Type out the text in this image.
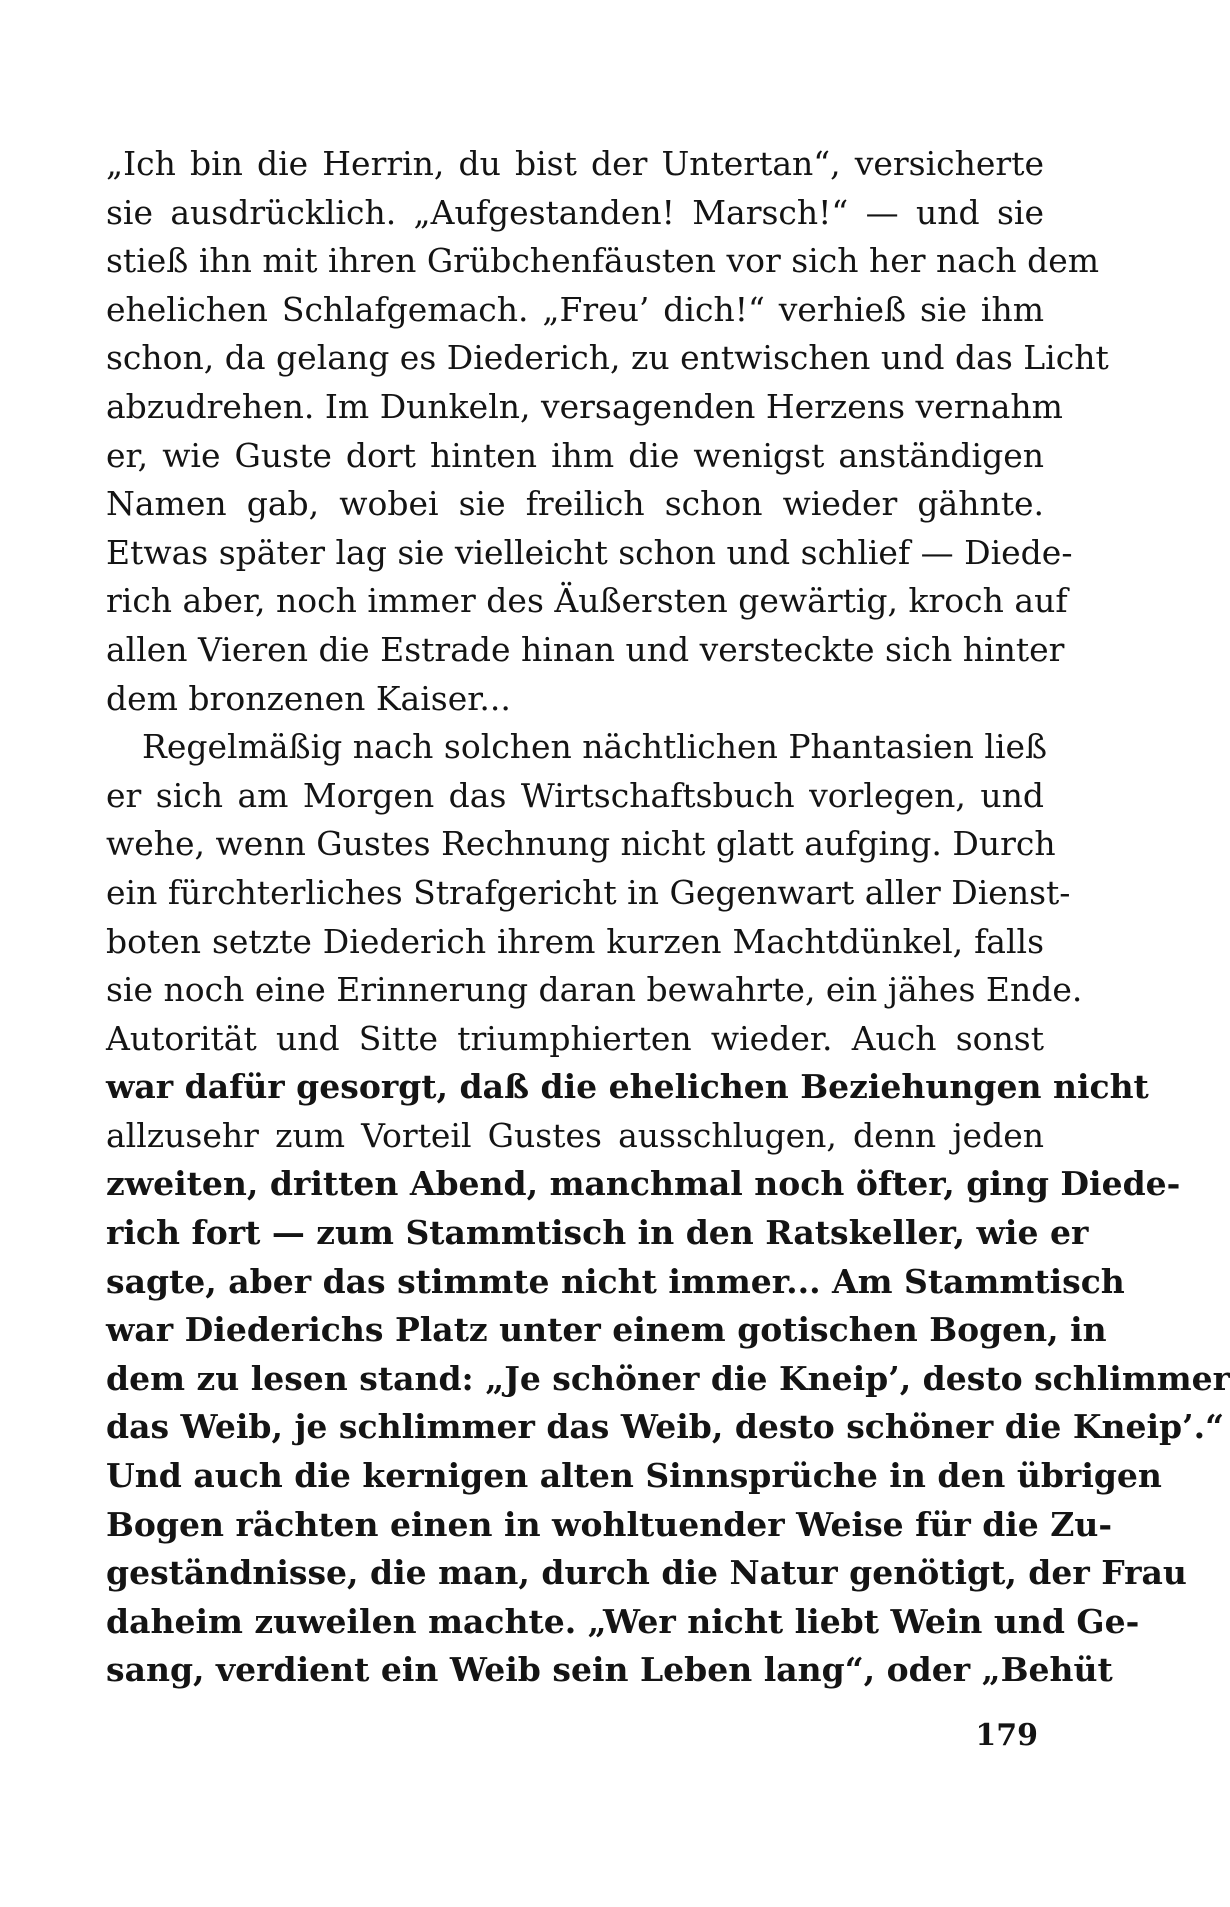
„Ich bin die Herrin, du bist der Untertan“, versicherte
sie ausdrücklich. „Aufgestanden! Marsch!“ — und sie
stieß ihn mit ihren Grübchenfäusten vor sich her nach dem
ehelichen Schlafgemach. „Freu’ dich!“ verhieß sie ihm
schon, da gelang es Diederich, zu entwischen und das Licht
abzudrehen. Im Dunkeln, versagenden Herzens vernahm
er, wie Guste dort hinten ihm die wenigst anständigen
Namen gab, wobei sie freilich schon wieder gähnte.
Etwas später lag sie vielleicht schon und schlief — Diede-
rich aber, noch immer des Äußersten gewärtig, kroch auf
allen Vieren die Estrade hinan und versteckte sich hinter
dem bronzenen Kaiser...
Regelmäßig nach solchen nächtlichen Phantasien ließ
er sich am Morgen das Wirtschaftsbuch vorlegen, und
wehe, wenn Gustes Rechnung nicht glatt aufging. Durch
ein fürchterliches Strafgericht in Gegenwart aller Dienst-
boten setzte Diederich ihrem kurzen Machtdünkel, falls
sie noch eine Erinnerung daran bewahrte, ein jähes Ende.
Autorität und Sitte triumphierten wieder. Auch sonst
war dafür gesorgt, daß die ehelichen Beziehungen nicht
allzusehr zum Vorteil Gustes ausschlugen, denn jeden
zweiten, dritten Abend, manchmal noch öfter, ging Diede-
rich fort — zum Stammtisch in den Ratskeller, wie er
sagte, aber das stimmte nicht immer... Am Stammtisch
war Diederichs Platz unter einem gotischen Bogen, in
dem zu lesen stand: „Je schöner die Kneip’, desto schlimmer
das Weib, je schlimmer das Weib, desto schöner die Kneip’.“
Und auch die kernigen alten Sinnsprüche in den übrigen
Bogen rächten einen in wohltuender Weise für die Zu-
geständnisse, die man, durch die Natur genötigt, der Frau
daheim zuweilen machte. „Wer nicht liebt Wein und Ge-
sang, verdient ein Weib sein Leben lang“, oder „Behüt
179
